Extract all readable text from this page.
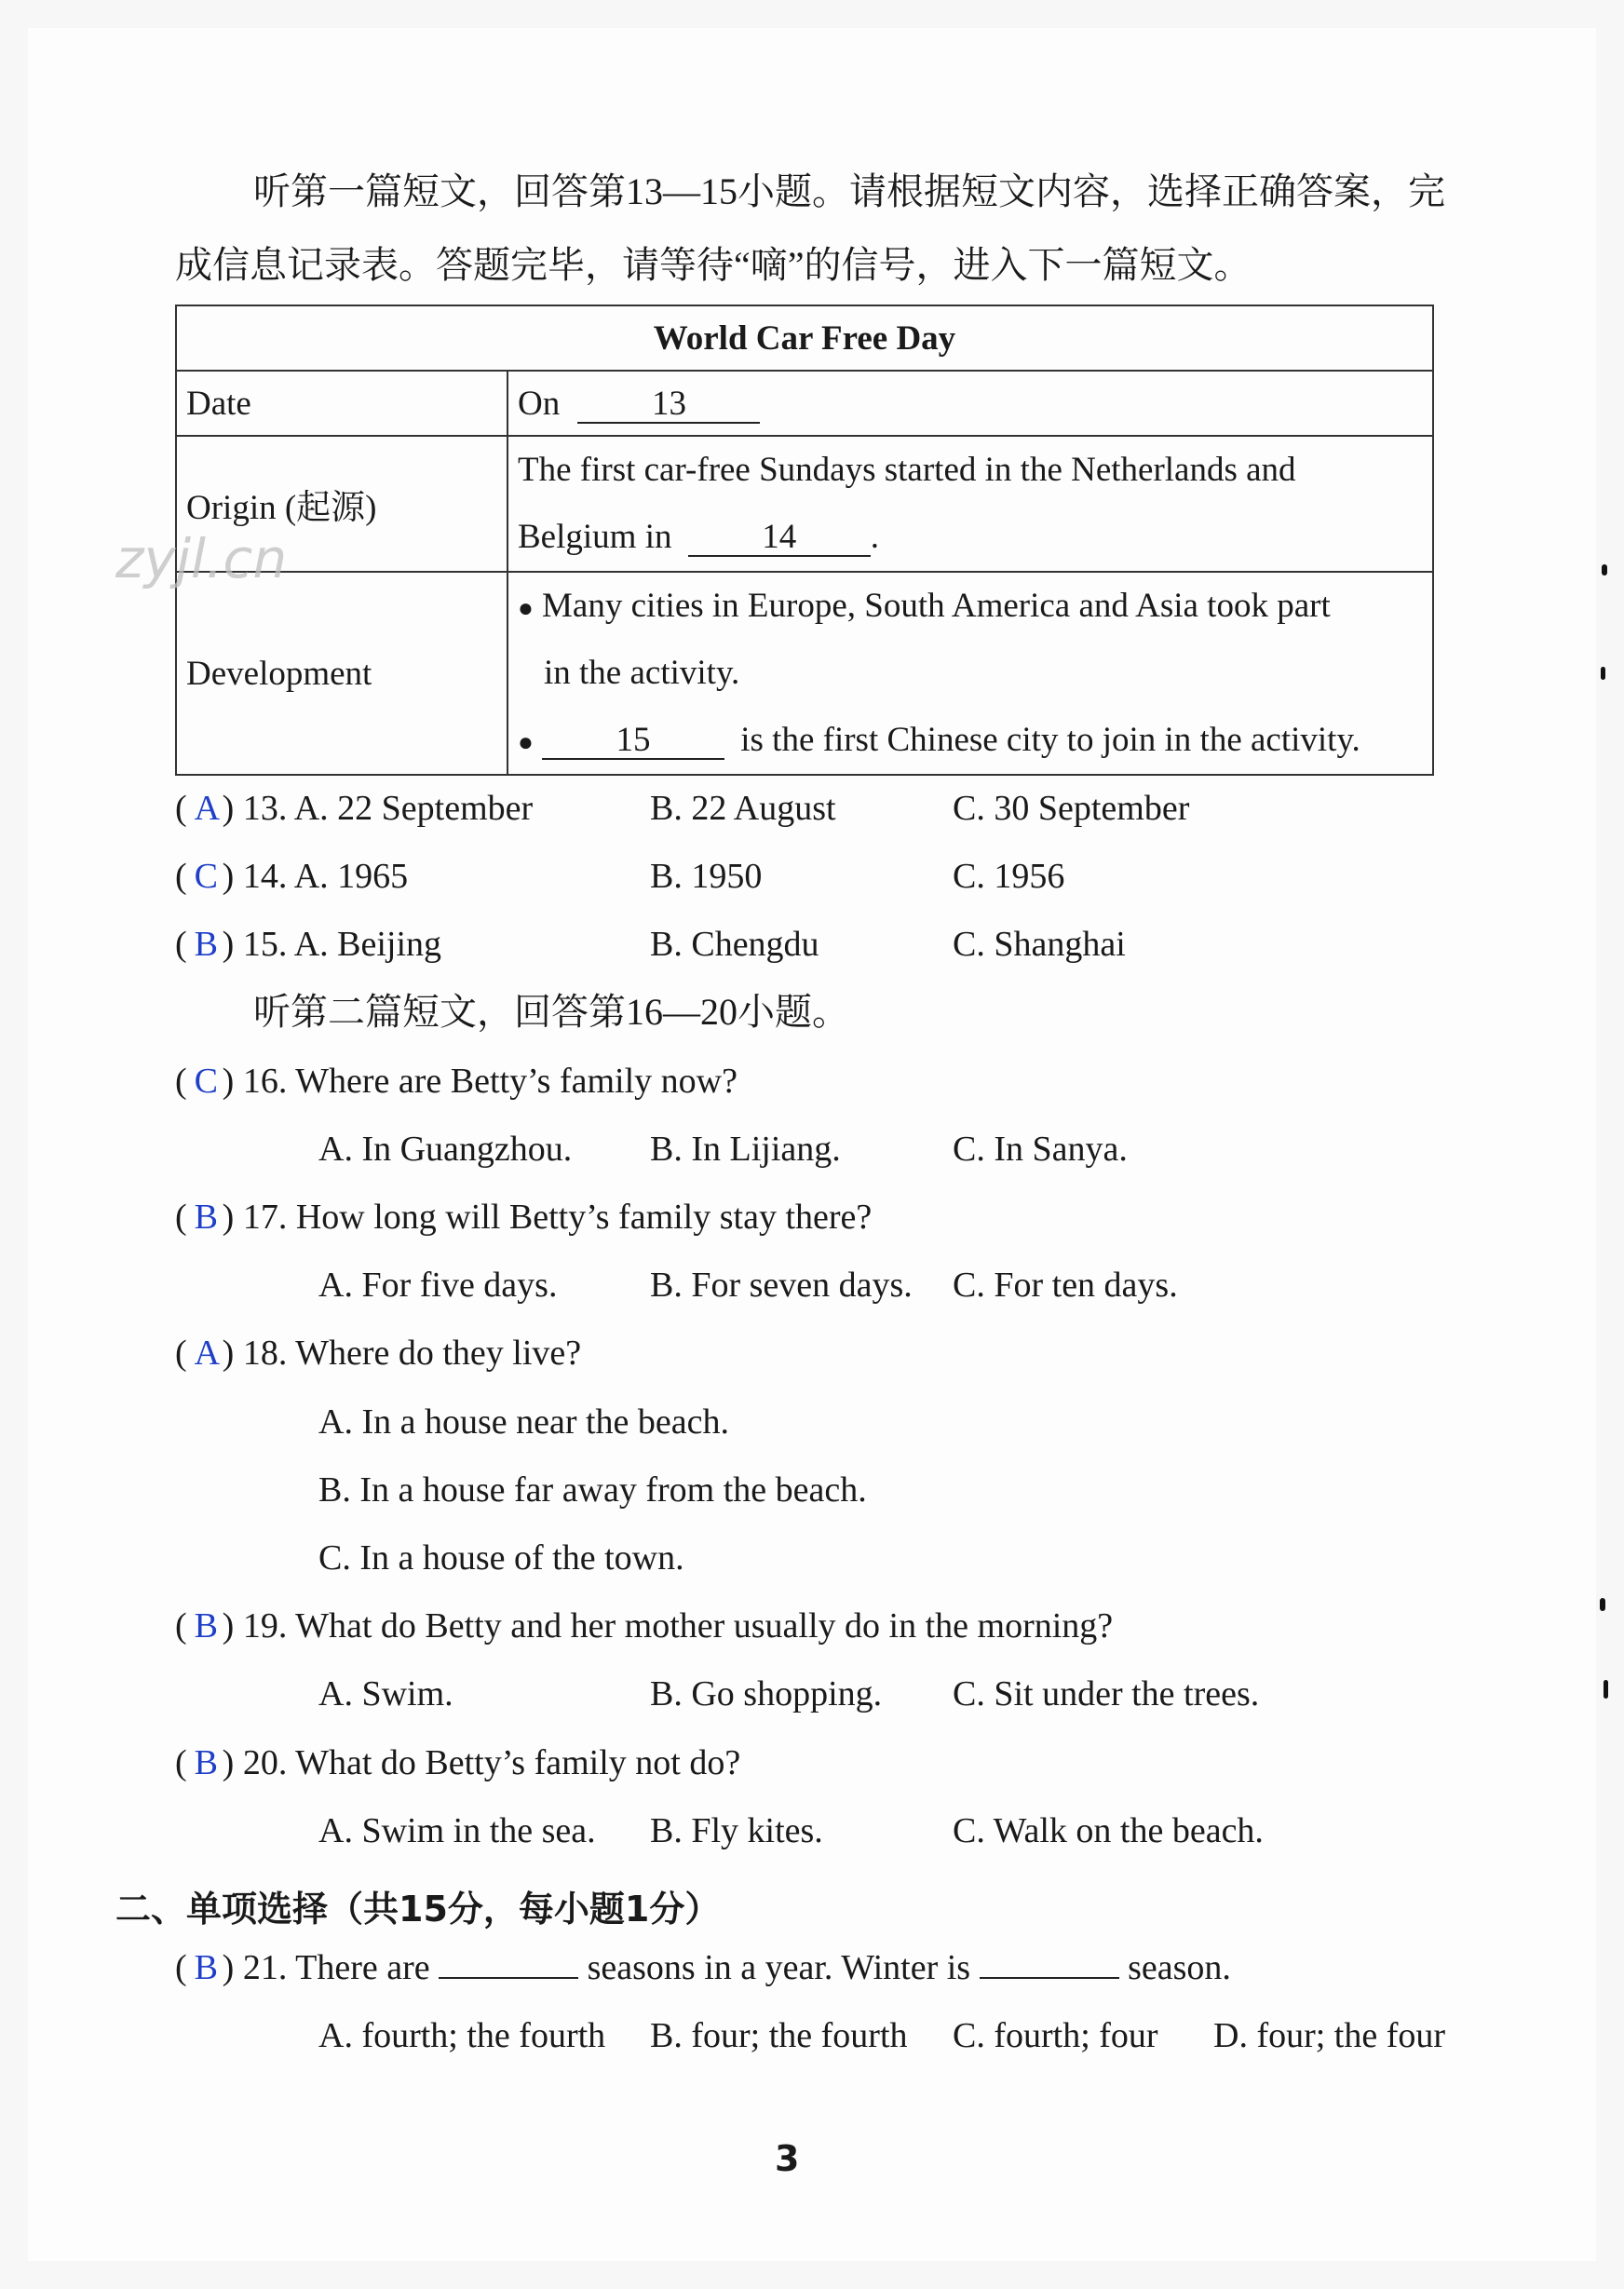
听第一篇短文，回答第13—15小题。请根据短文内容，选择正确答案，完
成信息记录表。答题完毕，请等待“嘀”的信号，进入下一篇短文。
World Car Free Day	
Date	On 13
Origin (起源)	The first car-free Sundays started in the Netherlands and
Belgium in 14 .

Development	● Many cities in Europe, South America and Asia took part
in the activity.
● 15 is the first Chinese city to join in the activity.
( A) 13. A. 22 September	B. 22 August	C. 30 September
( C ) 14. A. 1965	B. 1950	C. 1956
( B ) 15. A. Beijing	B. Chengdu	C. Shanghai
听第二篇短文，回答第16—20小题。
( C ) 16. Where are Betty’s family now?
A. In Guangzhou. B. In Lijiang.	C. In Sanya.
( B ) 17. How long will Betty’s family stay there?
A. For five days.	B. For seven days. C. For ten days.
( A) 18. Where do they live?
A. In a house near the beach.
B. In a house far away from the beach.
C. In a house of the town.
( B ) 19. What do Betty and her mother usually do in the morning?
A. Swim.	B. Go shopping. C. Sit under the trees.
( B ) 20. What do Betty’s family not do?
A. Swim in the sea. B. Fly kites.	C. Walk on the beach.
二、单项选择（共15分，每小题1分）
( B ) 21. There are	seasons in a year. Winter is	season.
A. fourth; the fourth B. four; the fourth C. fourth; four D. four; the four
3
zyjl.cn
